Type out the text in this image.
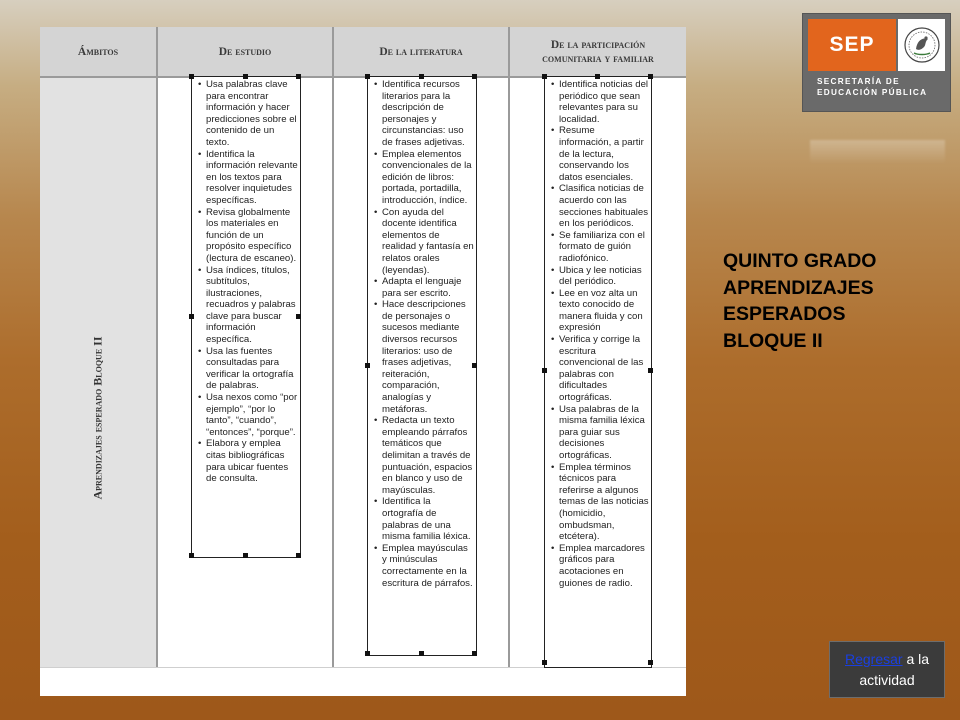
Ámbitos	De estudio	De la literatura
De la participación
comunitaria y familiar
Aprendizajes esperado Bloque II
• Usa palabras clave para encontrar información y hacer predicciones sobre el contenido de un texto.
• Identifica la información relevante en los textos para resolver inquietudes específicas.
• Revisa globalmente los materiales en función de un propósito específico (lectura de escaneo).
• Usa índices, títulos, subtítulos, ilustraciones, recuadros y palabras clave para buscar información específica.
• Usa las fuentes consultadas para verificar la ortografía de palabras.
• Usa nexos como “por ejemplo”, “por lo tanto”, “cuando”, “entonces”, “porque”.
• Elabora y emplea citas bibliográficas para ubicar fuentes de consulta.
• Identifica recursos literarios para la descripción de personajes y circunstancias: uso de frases adjetivas.
• Emplea elementos convencionales de la edición de libros: portada, portadilla, introducción, índice.
• Con ayuda del docente identifica elementos de realidad y fantasía en relatos orales (leyendas).
• Adapta el lenguaje para ser escrito.
• Hace descripciones de personajes o sucesos mediante diversos recursos literarios: uso de frases adjetivas, reiteración, comparación, analogías y metáforas.
• Redacta un texto empleando párrafos temáticos que delimitan a través de puntuación, espacios en blanco y uso de mayúsculas.
• Identifica la ortografía de palabras de una misma familia léxica.
• Emplea mayúsculas y minúsculas correctamente en la escritura de párrafos.
• Identifica noticias del periódico que sean relevantes para su localidad.
• Resume información, a partir de la lectura, conservando los datos esenciales.
• Clasifica noticias de acuerdo con las secciones habituales en los periódicos.
• Se familiariza con el formato de guión radiofónico.
• Ubica y lee noticias del periódico.
• Lee en voz alta un texto conocido de manera fluida y con expresión
• Verifica y corrige la escritura convencional de las palabras con dificultades ortográficas.
• Usa palabras de la misma familia léxica para guiar sus decisiones ortográficas.
• Emplea términos técnicos para referirse a algunos temas de las noticias (homicidio, ombudsman, etcétera).
• Emplea marcadores gráficos para acotaciones en guiones de radio.
SEP
SECRETARÍA DE
EDUCACIÓN PÚBLICA
QUINTO GRADO
APRENDIZAJES
ESPERADOS
BLOQUE II
Regresar a la actividad
